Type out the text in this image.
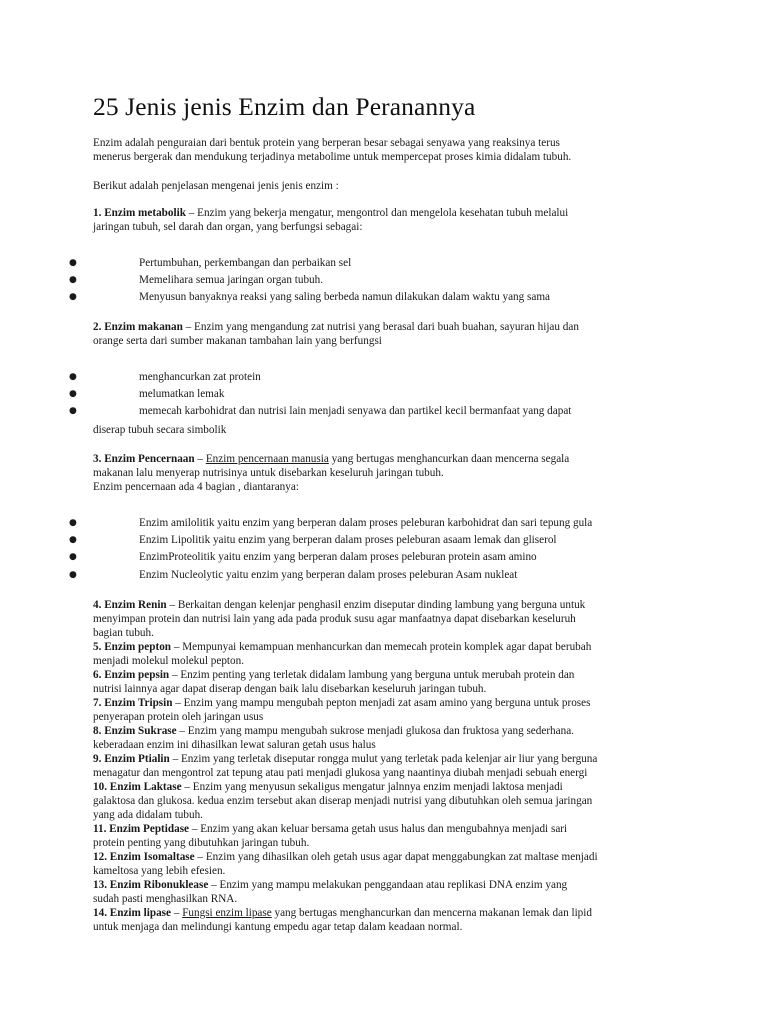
25 Jenis jenis Enzim dan Peranannya
Enzim adalah penguraian dari bentuk protein yang berperan besar sebagai senyawa yang reaksinya terus
menerus bergerak dan mendukung terjadinya metabolime untuk mempercepat proses kimia didalam tubuh.
Berikut adalah penjelasan mengenai jenis jenis enzim :
1. Enzim metabolik – Enzim yang bekerja mengatur, mengontrol dan mengelola kesehatan tubuh melalui
jaringan tubuh, sel darah dan organ, yang berfungsi sebagai:
●	Pertumbuhan, perkembangan dan perbaikan sel
●	Memelihara semua jaringan organ tubuh.
●	Menyusun banyaknya reaksi yang saling berbeda namun dilakukan dalam waktu yang sama
2. Enzim makanan – Enzim yang mengandung zat nutrisi yang berasal dari buah buahan, sayuran hijau dan
orange serta dari sumber makanan tambahan lain yang berfungsi
●	menghancurkan zat protein
●	melumatkan lemak
●	memecah karbohidrat dan nutrisi lain menjadi senyawa dan partikel kecil bermanfaat yang dapat
diserap tubuh secara simbolik
3. Enzim Pencernaan – Enzim pencernaan manusia yang bertugas menghancurkan daan mencerna segala
makanan lalu menyerap nutrisinya untuk disebarkan keseluruh jaringan tubuh.
Enzim pencernaan ada 4 bagian , diantaranya:
●	Enzim amilolitik yaitu enzim yang berperan dalam proses peleburan karbohidrat dan sari tepung gula
●	Enzim Lipolitik yaitu enzim yang berperan dalam proses peleburan asaam lemak dan gliserol
●	EnzimProteolitik yaitu enzim yang berperan dalam proses peleburan protein asam amino
●	Enzim Nucleolytic yaitu enzim yang berperan dalam proses peleburan Asam nukleat
4. Enzim Renin – Berkaitan dengan kelenjar penghasil enzim diseputar dinding lambung yang berguna untuk
menyimpan protein dan nutrisi lain yang ada pada produk susu agar manfaatnya dapat disebarkan keseluruh
bagian tubuh.
5. Enzim pepton – Mempunyai kemampuan menhancurkan dan memecah protein komplek agar dapat berubah
menjadi molekul molekul pepton.
6. Enzim pepsin – Enzim penting yang terletak didalam lambung yang berguna untuk merubah protein dan
nutrisi lainnya agar dapat diserap dengan baik lalu disebarkan keseluruh jaringan tubuh.
7. Enzim Tripsin – Enzim yang mampu mengubah pepton menjadi zat asam amino yang berguna untuk proses
penyerapan protein oleh jaringan usus
8. Enzim Sukrase – Enzim yang mampu mengubah sukrose menjadi glukosa dan fruktosa yang sederhana.
keberadaan enzim ini dihasilkan lewat saluran getah usus halus
9. Enzim Ptialin – Enzim yang terletak diseputar rongga mulut yang terletak pada kelenjar air liur yang berguna
menagatur dan mengontrol zat tepung atau pati menjadi glukosa yang naantinya diubah menjadi sebuah energi
10. Enzim Laktase – Enzim yang menyusun sekaligus mengatur jalnnya enzim menjadi laktosa menjadi
galaktosa dan glukosa. kedua enzim tersebut akan diserap menjadi nutrisi yang dibutuhkan oleh semua jaringan
yang ada didalam tubuh.
11. Enzim Peptidase – Enzim yang akan keluar bersama getah usus halus dan mengubahnya menjadi sari
protein penting yang dibutuhkan jaringan tubuh.
12. Enzim Isomaltase – Enzim yang dihasilkan oleh getah usus agar dapat menggabungkan zat maltase menjadi
kameltosa yang lebih efesien.
13. Enzim Ribonuklease – Enzim yang mampu melakukan penggandaan atau replikasi DNA enzim yang
sudah pasti menghasilkan RNA.
14. Enzim lipase – Fungsi enzim lipase yang bertugas menghancurkan dan mencerna makanan lemak dan lipid
untuk menjaga dan melindungi kantung empedu agar tetap dalam keadaan normal.
